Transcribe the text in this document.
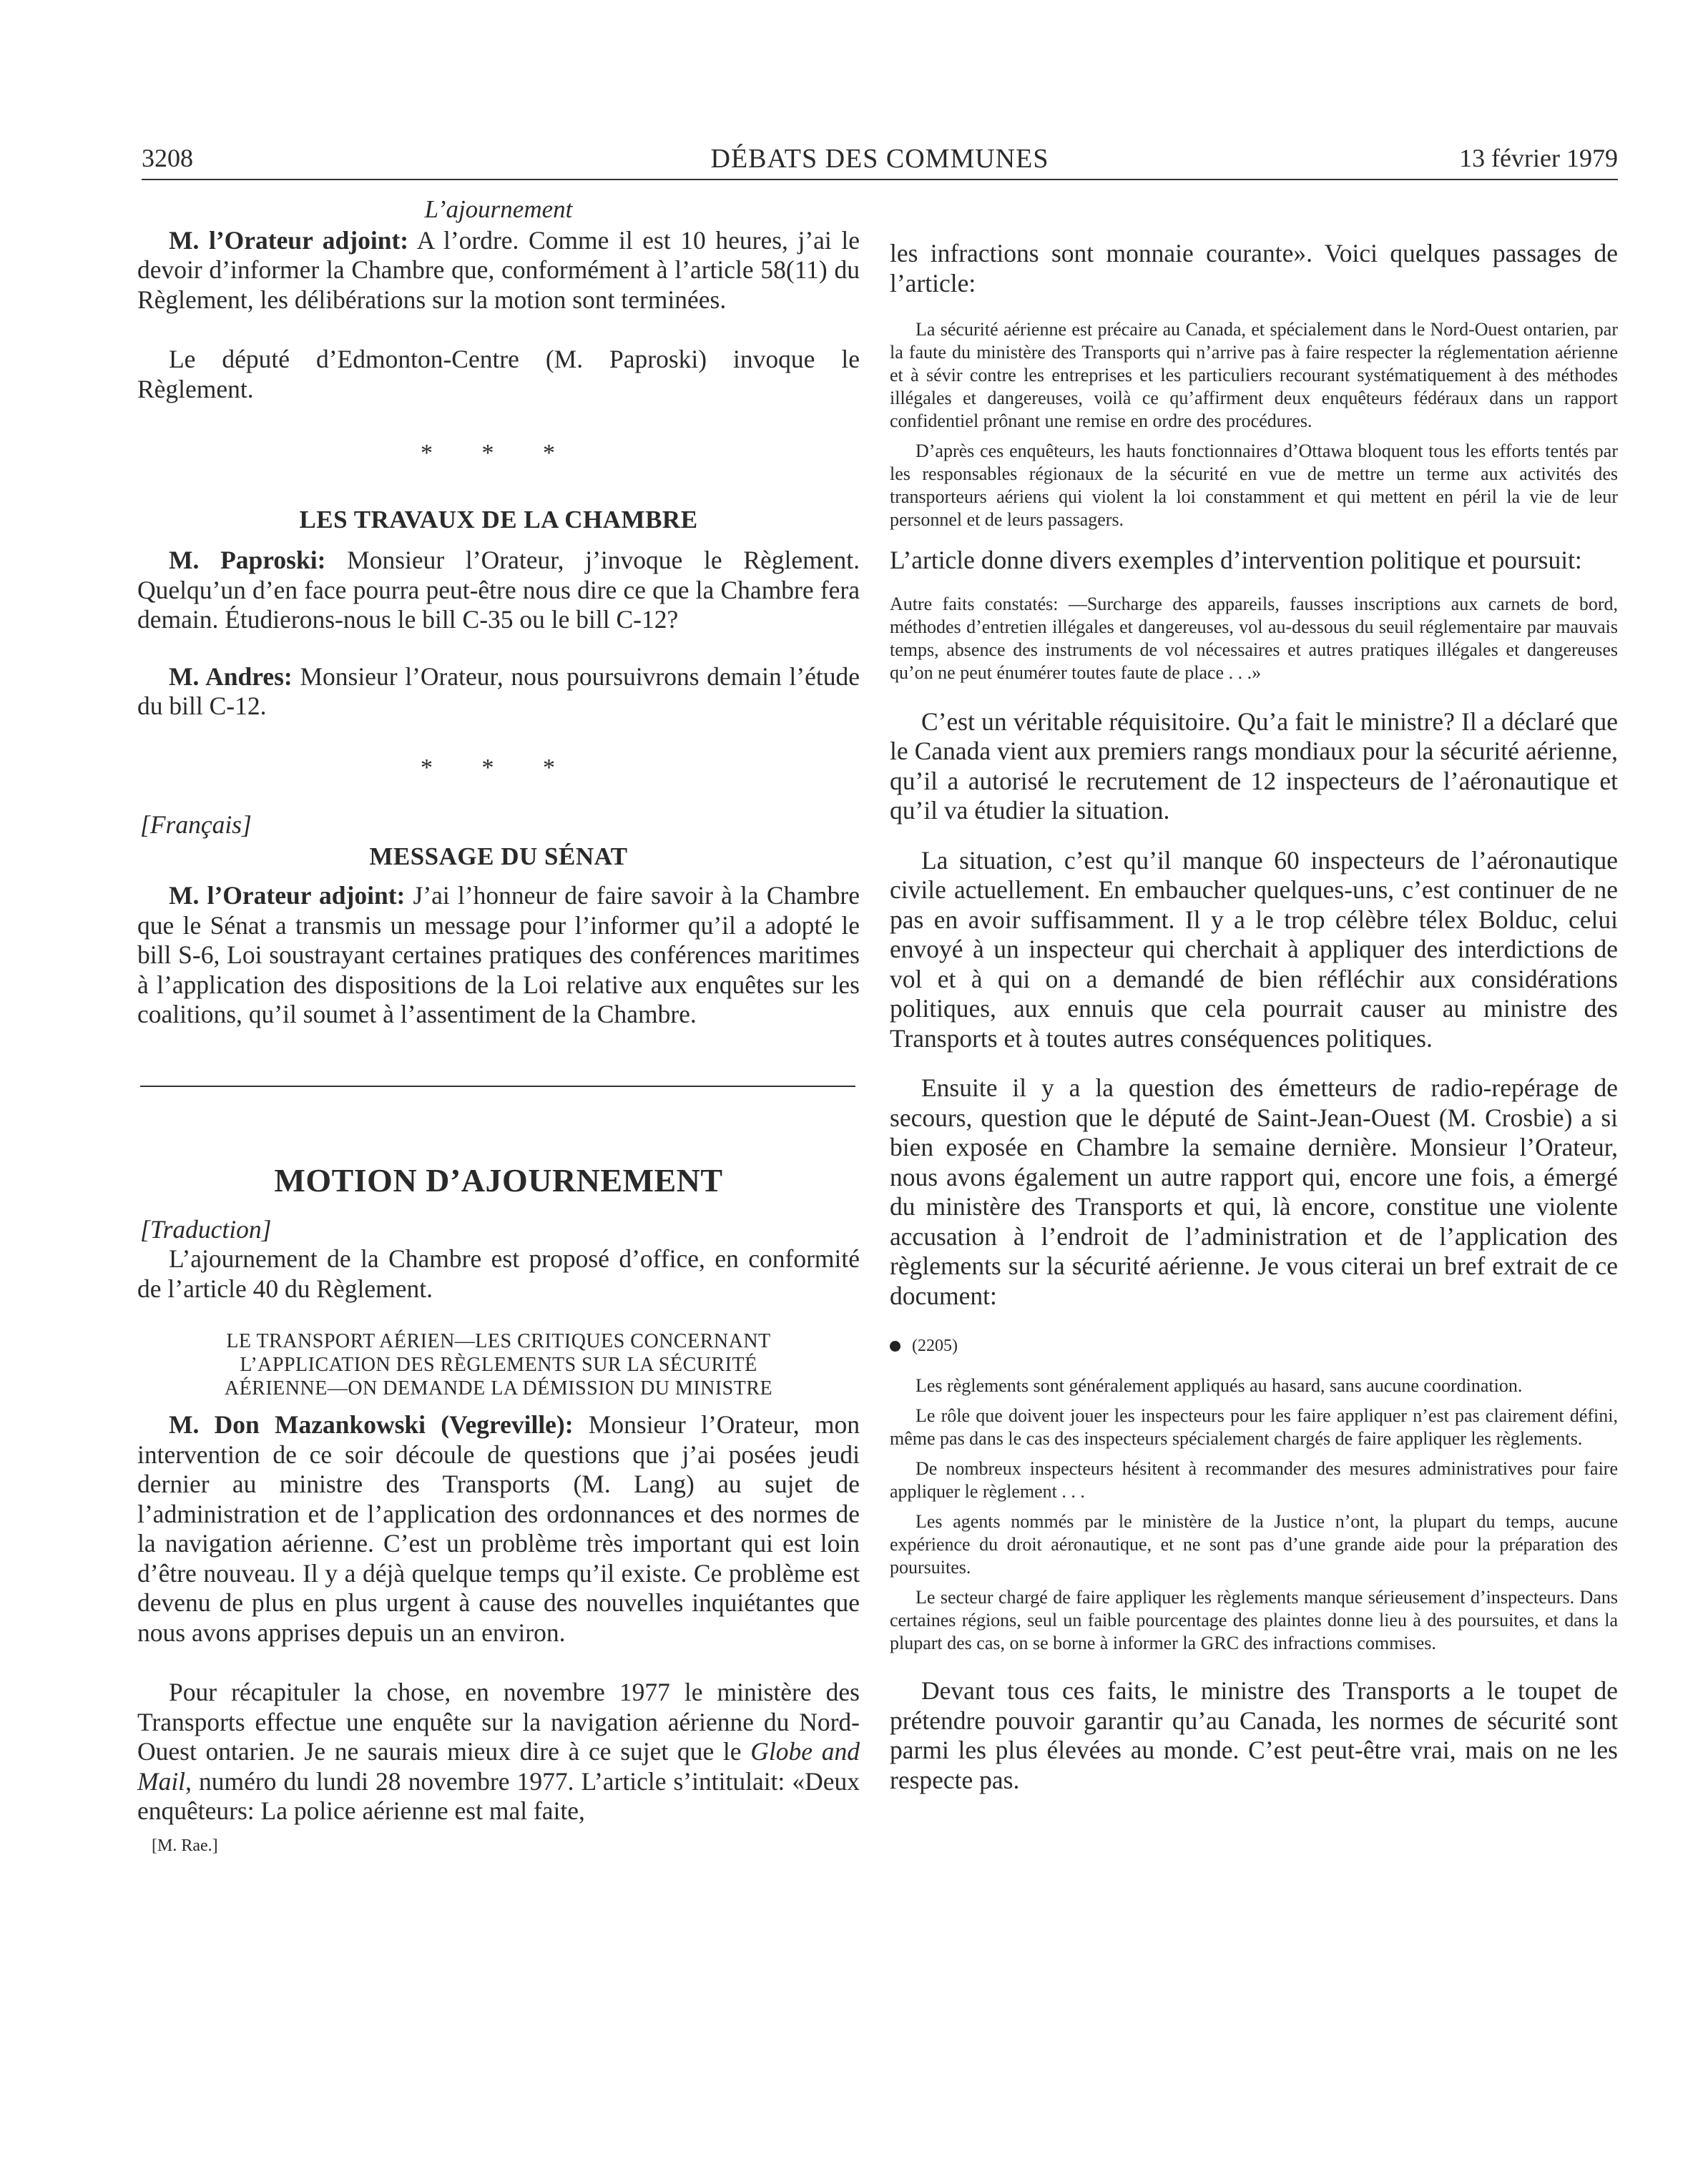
3208	DÉBATS DES COMMUNES	13 février 1979
L’ajournement

M. l’Orateur adjoint: A l’ordre. Comme il est 10 heures, j’ai le devoir d’informer la Chambre que, conformément à l’article 58(11) du Règlement, les délibérations sur la motion sont terminées.

Le député d’Edmonton-Centre (M. Paproski) invoque le Règlement.

* * *
LES TRAVAUX DE LA CHAMBRE

M. Paproski: Monsieur l’Orateur, j’invoque le Règlement. Quelqu’un d’en face pourra peut-être nous dire ce que la Chambre fera demain. Étudierons-nous le bill C-35 ou le bill C-12?

M. Andres: Monsieur l’Orateur, nous poursuivrons demain l’étude du bill C-12.

* * *
[Français]
MESSAGE DU SÉNAT

M. l’Orateur adjoint: J’ai l’honneur de faire savoir à la Chambre que le Sénat a transmis un message pour l’informer qu’il a adopté le bill S-6, Loi soustrayant certaines pratiques des conférences maritimes à l’application des dispositions de la Loi relative aux enquêtes sur les coalitions, qu’il soumet à l’assentiment de la Chambre.

MOTION D’AJOURNEMENT
[Traduction]

L’ajournement de la Chambre est proposé d’office, en conformité de l’article 40 du Règlement.

LE TRANSPORT AÉRIEN—LES CRITIQUES CONCERNANT
L’APPLICATION DES RÈGLEMENTS SUR LA SÉCURITÉ
AÉRIENNE—ON DEMANDE LA DÉMISSION DU MINISTRE

M. Don Mazankowski (Vegreville): Monsieur l’Orateur, mon intervention de ce soir découle de questions que j’ai posées jeudi dernier au ministre des Transports (M. Lang) au sujet de l’administration et de l’application des ordonnances et des normes de la navigation aérienne. C’est un problème très important qui est loin d’être nouveau. Il y a déjà quelque temps qu’il existe. Ce problème est devenu de plus en plus urgent à cause des nouvelles inquiétantes que nous avons apprises depuis un an environ.

Pour récapituler la chose, en novembre 1977 le ministère des Transports effectue une enquête sur la navigation aérienne du Nord-Ouest ontarien. Je ne saurais mieux dire à ce sujet que le Globe and Mail, numéro du lundi 28 novembre 1977. L’article s’intitulait: «Deux enquêteurs: La police aérienne est mal faite,

[M. Rae.]

les infractions sont monnaie courante». Voici quelques passages de l’article:

La sécurité aérienne est précaire au Canada, et spécialement dans le Nord-Ouest ontarien, par la faute du ministère des Transports qui n’arrive pas à faire respecter la réglementation aérienne et à sévir contre les entreprises et les particuliers recourant systématiquement à des méthodes illégales et dangereuses, voilà ce qu’affirment deux enquêteurs fédéraux dans un rapport confidentiel prônant une remise en ordre des procédures.

D’après ces enquêteurs, les hauts fonctionnaires d’Ottawa bloquent tous les efforts tentés par les responsables régionaux de la sécurité en vue de mettre un terme aux activités des transporteurs aériens qui violent la loi constamment et qui mettent en péril la vie de leur personnel et de leurs passagers.

L’article donne divers exemples d’intervention politique et poursuit:

Autre faits constatés: —Surcharge des appareils, fausses inscriptions aux carnets de bord, méthodes d’entretien illégales et dangereuses, vol au-dessous du seuil réglementaire par mauvais temps, absence des instruments de vol nécessaires et autres pratiques illégales et dangereuses qu’on ne peut énumérer toutes faute de place . . .»

C’est un véritable réquisitoire. Qu’a fait le ministre? Il a déclaré que le Canada vient aux premiers rangs mondiaux pour la sécurité aérienne, qu’il a autorisé le recrutement de 12 inspecteurs de l’aéronautique et qu’il va étudier la situation.

La situation, c’est qu’il manque 60 inspecteurs de l’aéronautique civile actuellement. En embaucher quelques-uns, c’est continuer de ne pas en avoir suffisamment. Il y a le trop célèbre télex Bolduc, celui envoyé à un inspecteur qui cherchait à appliquer des interdictions de vol et à qui on a demandé de bien réfléchir aux considérations politiques, aux ennuis que cela pourrait causer au ministre des Transports et à toutes autres conséquences politiques.

Ensuite il y a la question des émetteurs de radio-repérage de secours, question que le député de Saint-Jean-Ouest (M. Crosbie) a si bien exposée en Chambre la semaine dernière. Monsieur l’Orateur, nous avons également un autre rapport qui, encore une fois, a émergé du ministère des Transports et qui, là encore, constitue une violente accusation à l’endroit de l’administration et de l’application des règlements sur la sécurité aérienne. Je vous citerai un bref extrait de ce document:

(2205)

Les règlements sont généralement appliqués au hasard, sans aucune coordination.

Le rôle que doivent jouer les inspecteurs pour les faire appliquer n’est pas clairement défini, même pas dans le cas des inspecteurs spécialement chargés de faire appliquer les règlements.

De nombreux inspecteurs hésitent à recommander des mesures administratives pour faire appliquer le règlement . . .

Les agents nommés par le ministère de la Justice n’ont, la plupart du temps, aucune expérience du droit aéronautique, et ne sont pas d’une grande aide pour la préparation des poursuites.

Le secteur chargé de faire appliquer les règlements manque sérieusement d’inspecteurs. Dans certaines régions, seul un faible pourcentage des plaintes donne lieu à des poursuites, et dans la plupart des cas, on se borne à informer la GRC des infractions commises.

Devant tous ces faits, le ministre des Transports a le toupet de prétendre pouvoir garantir qu’au Canada, les normes de sécurité sont parmi les plus élevées au monde. C’est peut-être vrai, mais on ne les respecte pas.
